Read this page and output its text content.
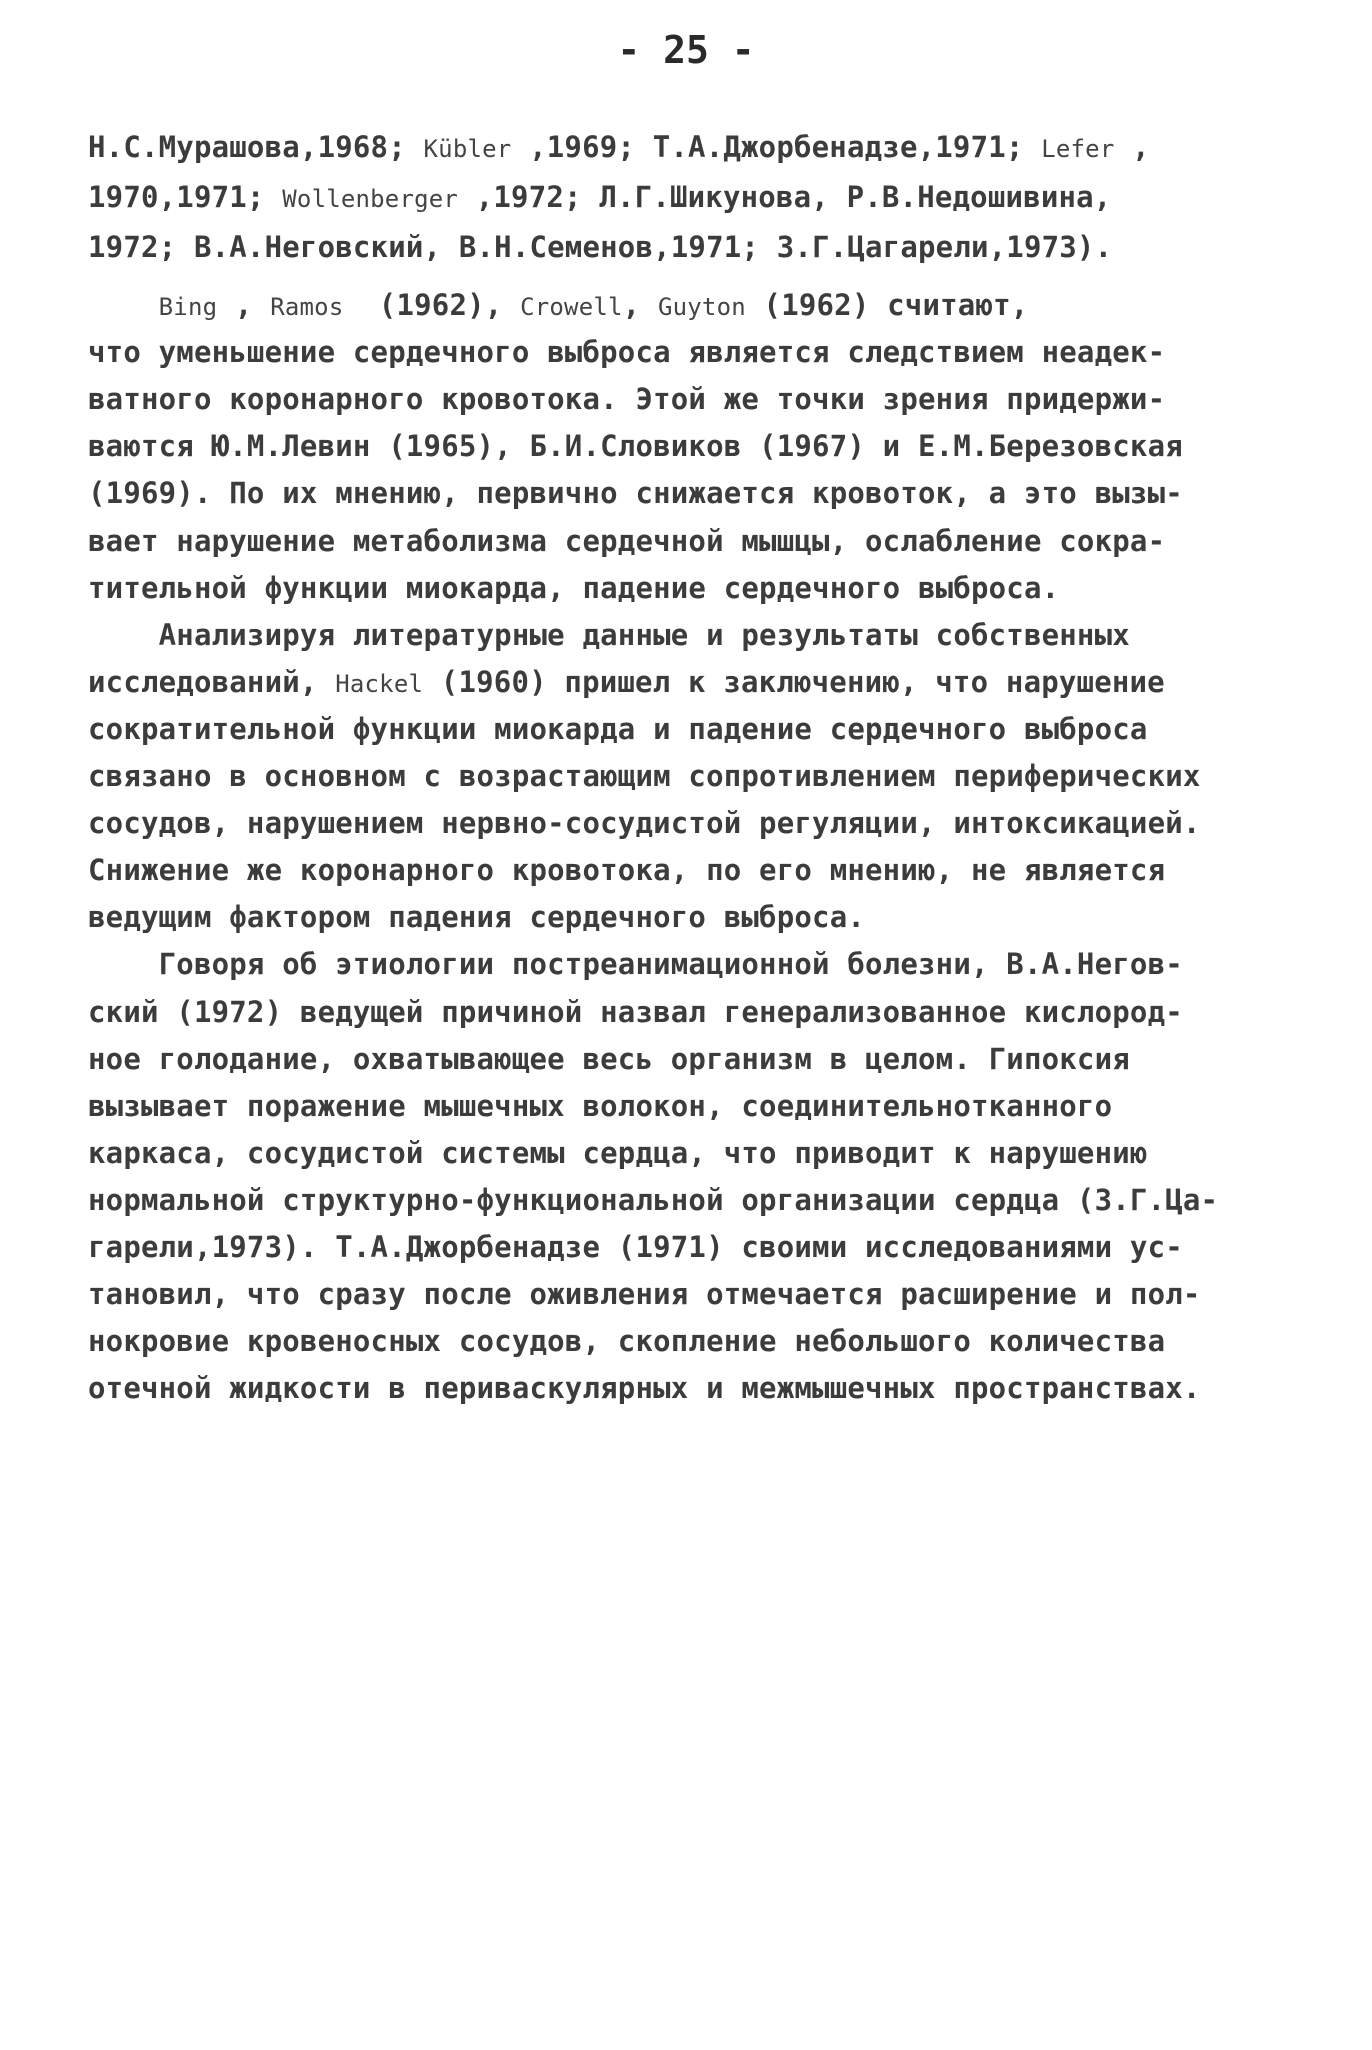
- 25 -
Н.С.Мурашова,1968; Kübler ,1969; Т.А.Джорбенадзе,1971; Lefer ,
1970,1971; Wollenberger ,1972; Л.Г.Шикунова, Р.В.Недошивина,
1972; В.А.Неговский, В.Н.Семенов,1971; З.Г.Цагарели,1973).
Bing , Ramos  (1962), Crowell, Guyton (1962) считают,
что уменьшение сердечного выброса является следствием неадек-
ватного коронарного кровотока. Этой же точки зрения придержи-
ваются Ю.М.Левин (1965), Б.И.Словиков (1967) и Е.М.Березовская
(1969). По их мнению, первично снижается кровоток, а это вызы-
вает нарушение метаболизма сердечной мышцы, ослабление сокра-
тительной функции миокарда, падение сердечного выброса.
Анализируя литературные данные и результаты собственных
исследований, Hackel (1960) пришел к заключению, что нарушение
сократительной функции миокарда и падение сердечного выброса
связано в основном с возрастающим сопротивлением периферических
сосудов, нарушением нервно-сосудистой регуляции, интоксикацией.
Снижение же коронарного кровотока, по его мнению, не является
ведущим фактором падения сердечного выброса.
Говоря об этиологии постреанимационной болезни, В.А.Негов-
ский (1972) ведущей причиной назвал генерализованное кислород-
ное голодание, охватывающее весь организм в целом. Гипоксия
вызывает поражение мышечных волокон, соединительнотканного
каркаса, сосудистой системы сердца, что приводит к нарушению
нормальной структурно-функциональной организации сердца (З.Г.Ца-
гарели,1973). Т.А.Джорбенадзе (1971) своими исследованиями ус-
тановил, что сразу после оживления отмечается расширение и пол-
нокровие кровеносных сосудов, скопление небольшого количества
отечной жидкости в периваскулярных и межмышечных пространствах.
